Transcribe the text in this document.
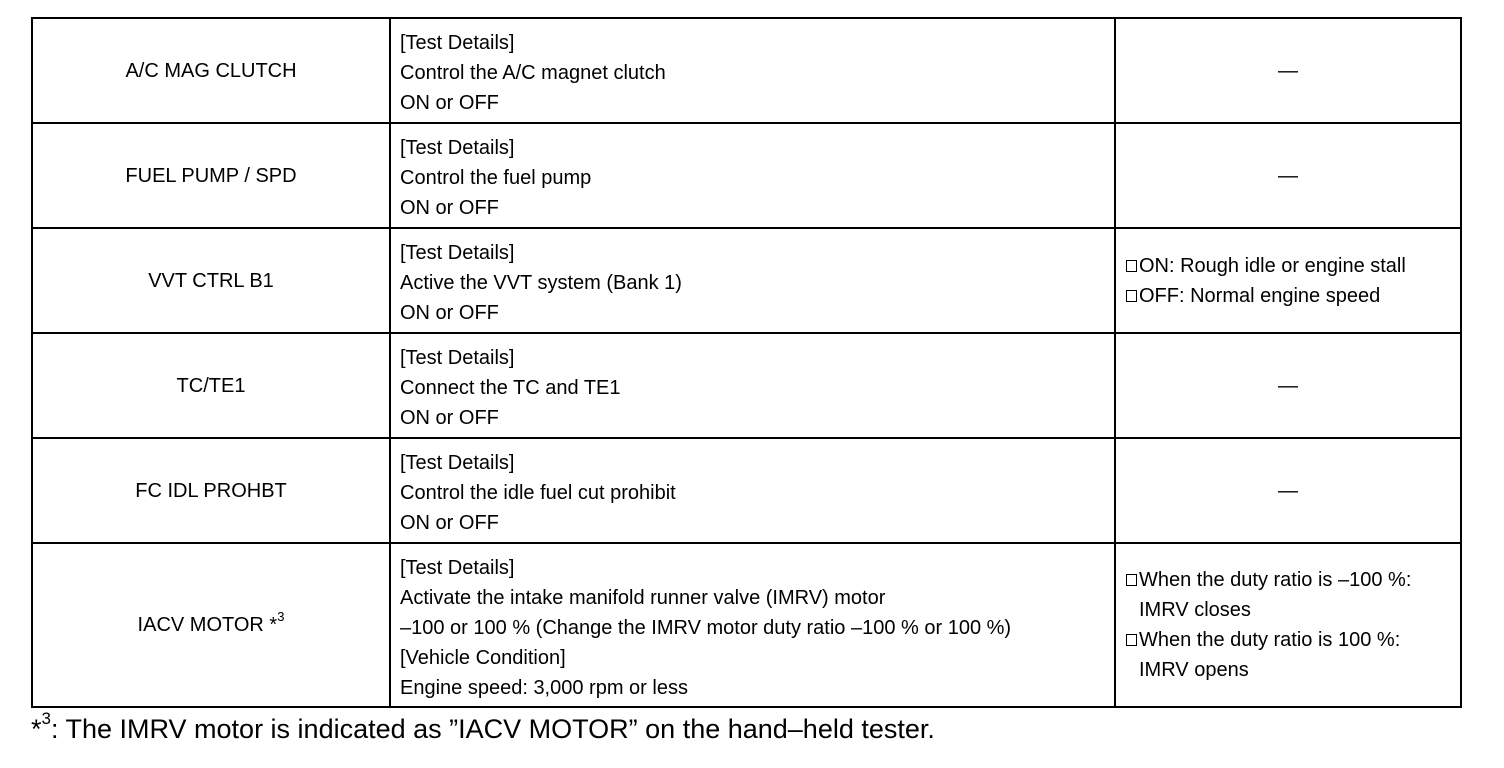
A/C MAG CLUTCH	[Test Details]
Control the A/C magnet clutch
ON or OFF	—
FUEL PUMP / SPD	[Test Details]
Control the fuel pump
ON or OFF	—
VVT CTRL B1	[Test Details]
Active the VVT system (Bank 1)
ON or OFF	ON: Rough idle or engine stall
OFF: Normal engine speed

TC/TE1	[Test Details]
Connect the TC and TE1
ON or OFF	—
FC IDL PROHBT	[Test Details]
Control the idle fuel cut prohibit
ON or OFF	—
IACV MOTOR *$^3$	[Test Details]
Activate the intake manifold runner valve (IMRV) motor
–100 or 100 % (Change the IMRV motor duty ratio –100 % or 100 %)
[Vehicle Condition]
Engine speed: 3,000 rpm or less	When the duty ratio is –100 %:
IMRV closes
When the duty ratio is 100 %:
IMRV opens
*$^3$: The IMRV motor is indicated as ”IACV MOTOR” on the hand–held tester.
